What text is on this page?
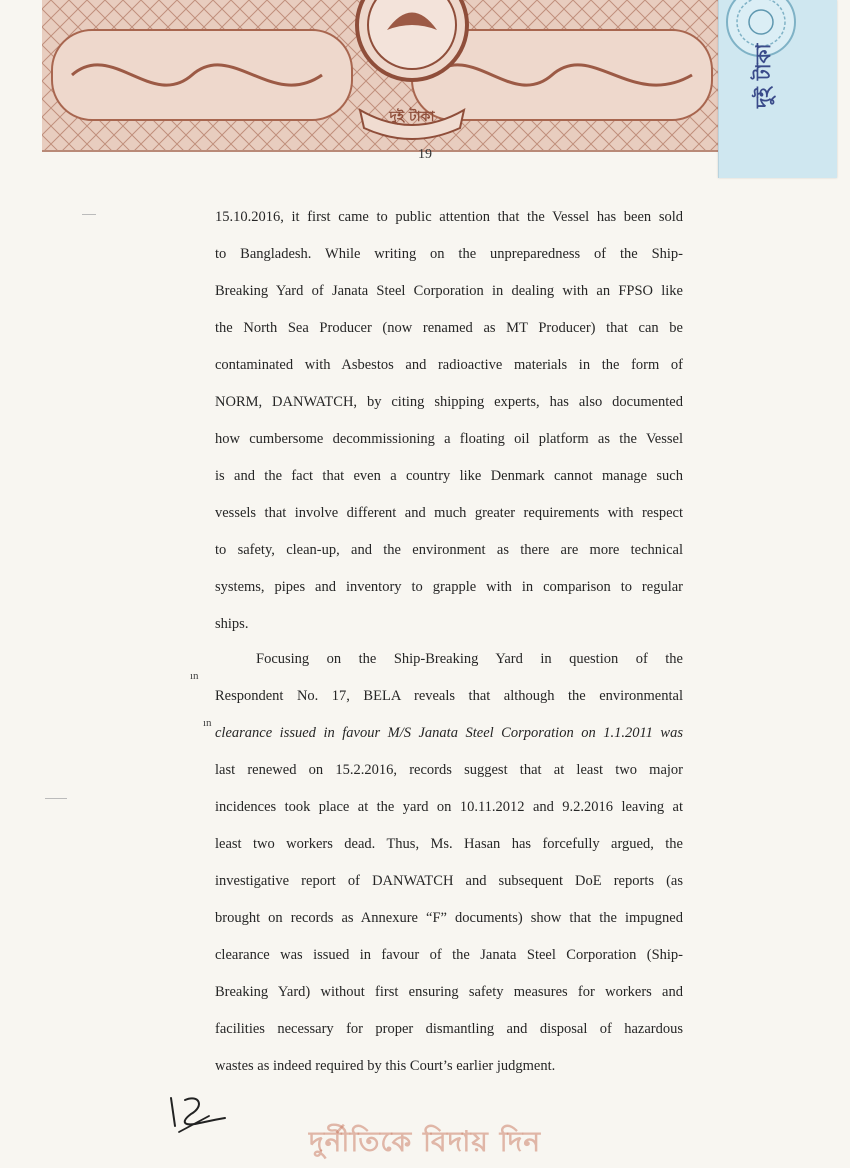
দুই টাকা
দুই টাকা
19
15.10.2016, it first came to public attention that the Vessel has been sold
to Bangladesh. While writing on the unpreparedness of the Ship-
Breaking Yard of Janata Steel Corporation in dealing with an FPSO like
the North Sea Producer (now renamed as MT Producer) that can be
contaminated with Asbestos and radioactive materials in the form of
NORM, DANWATCH, by citing shipping experts, has also documented
how cumbersome decommissioning a floating oil platform as the Vessel
is and the fact that even a country like Denmark cannot manage such
vessels that involve different and much greater requirements with respect
to safety, clean-up, and the environment as there are more technical
systems, pipes and inventory to grapple with in comparison to regular
ships.
Focusing on the Ship-Breaking Yard in question of the
Respondent No. 17, BELA reveals that although the environmental
clearance issued in favour M/S Janata Steel Corporation on 1.1.2011 was
last renewed on 15.2.2016, records suggest that at least two major
incidences took place at the yard on 10.11.2012 and 9.2.2016 leaving at
least two workers dead. Thus, Ms. Hasan has forcefully argued, the
investigative report of DANWATCH and subsequent DoE reports (as
brought on records as Annexure “F” documents) show that the impugned
clearance was issued in favour of the Janata Steel Corporation (Ship-
Breaking Yard) without first ensuring safety measures for workers and
facilities necessary for proper dismantling and disposal of hazardous
wastes as indeed required by this Court’s earlier judgment.
ın
ın
দুর্নীতিকে বিদায় দিন
